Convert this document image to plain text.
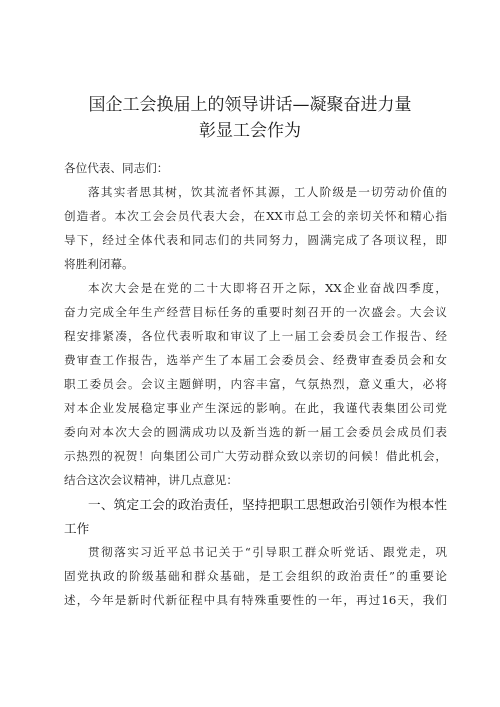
国企工会换届上的领导讲话—凝聚奋进力量
彰显工会作为
各位代表、同志们：
落其实者思其树，饮其流者怀其源，工人阶级是一切劳动价值的
创造者。本次工会会员代表大会，在XX市总工会的亲切关怀和精心指
导下，经过全体代表和同志们的共同努力，圆满完成了各项议程，即
将胜利闭幕。
本次大会是在党的二十大即将召开之际，XX企业奋战四季度，
奋力完成全年生产经营目标任务的重要时刻召开的一次盛会。大会议
程安排紧凑，各位代表听取和审议了上一届工会委员会工作报告、经
费审查工作报告，选举产生了本届工会委员会、经费审查委员会和女
职工委员会。会议主题鲜明，内容丰富，气氛热烈，意义重大，必将
对本企业发展稳定事业产生深远的影响。在此，我谨代表集团公司党
委向对本次大会的圆满成功以及新当选的新一届工会委员会成员们表
示热烈的祝贺！向集团公司广大劳动群众致以亲切的问候！借此机会，
结合这次会议精神，讲几点意见：
一、筑定工会的政治责任，坚持把职工思想政治引领作为根本性
工作
贯彻落实习近平总书记关于“引导职工群众听党话、跟党走，巩
固党执政的阶级基础和群众基础，是工会组织的政治责任”的重要论
述，今年是新时代新征程中具有特殊重要性的一年，再过16天，我们
